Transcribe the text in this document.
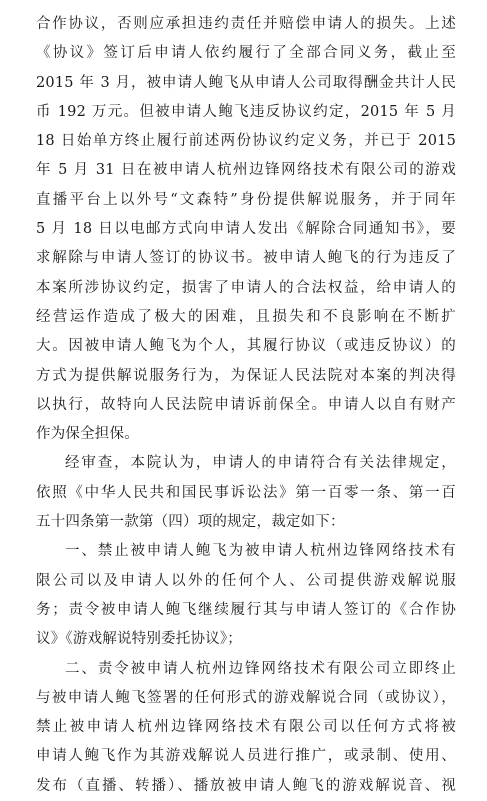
合作协议，否则应承担违约责任并赔偿申请人的损失。上述
《协议》签订后申请人依约履行了全部合同义务，截止至
2015 年 3 月，被申请人鲍飞从申请人公司取得酬金共计人民
币 192 万元。但被申请人鲍飞违反协议约定，2015 年 5 月
18 日始单方终止履行前述两份协议约定义务，并已于 2015
年 5 月 31 日在被申请人杭州边锋网络技术有限公司的游戏
直播平台上以外号“文森特”身份提供解说服务，并于同年
5 月 18 日以电邮方式向申请人发出《解除合同通知书》，要
求解除与申请人签订的协议书。被申请人鲍飞的行为违反了
本案所涉协议约定，损害了申请人的合法权益，给申请人的
经营运作造成了极大的困难，且损失和不良影响在不断扩
大。因被申请人鲍飞为个人，其履行协议（或违反协议）的
方式为提供解说服务行为，为保证人民法院对本案的判决得
以执行，故特向人民法院申请诉前保全。申请人以自有财产
作为保全担保。
经审查，本院认为，申请人的申请符合有关法律规定，
依照《中华人民共和国民事诉讼法》第一百零一条、第一百
五十四条第一款第（四）项的规定，裁定如下：
一、禁止被申请人鲍飞为被申请人杭州边锋网络技术有
限公司以及申请人以外的任何个人、公司提供游戏解说服
务；责令被申请人鲍飞继续履行其与申请人签订的《合作协
议》《游戏解说特别委托协议》；
二、责令被申请人杭州边锋网络技术有限公司立即终止
与被申请人鲍飞签署的任何形式的游戏解说合同（或协议），
禁止被申请人杭州边锋网络技术有限公司以任何方式将被
申请人鲍飞作为其游戏解说人员进行推广，或录制、使用、
发布（直播、转播）、播放被申请人鲍飞的游戏解说音、视
